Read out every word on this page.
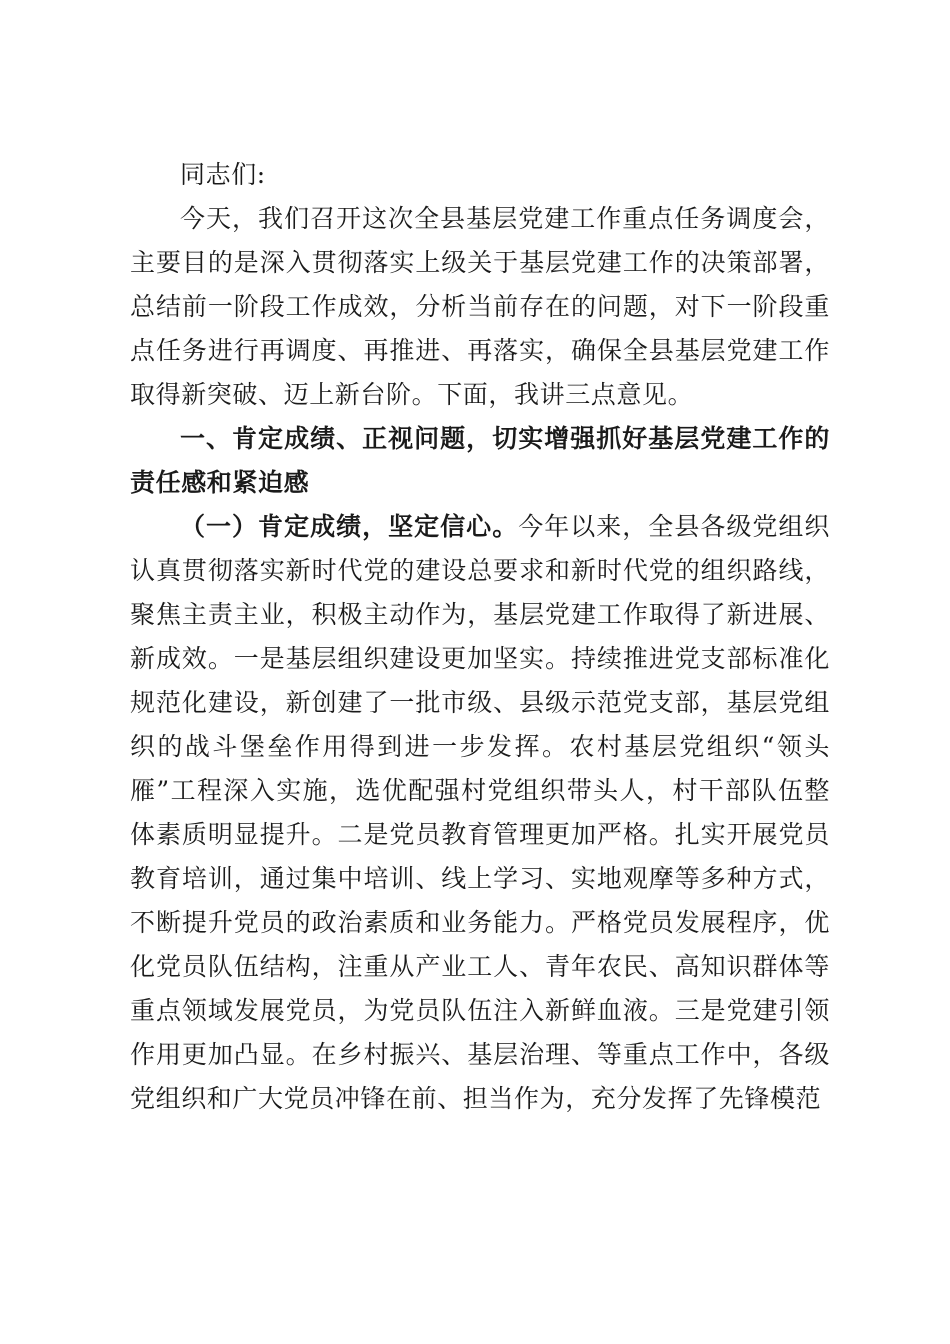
同志们:

今天，我们召开这次全县基层党建工作重点任务调度会，主要目的是深入贯彻落实上级关于基层党建工作的决策部署，总结前一阶段工作成效，分析当前存在的问题，对下一阶段重点任务进行再调度、再推进、再落实，确保全县基层党建工作取得新突破、迈上新台阶。下面，我讲三点意见。

一、肯定成绩、正视问题，切实增强抓好基层党建工作的责任感和紧迫感

（一）肯定成绩，坚定信心。今年以来，全县各级党组织认真贯彻落实新时代党的建设总要求和新时代党的组织路线，聚焦主责主业，积极主动作为，基层党建工作取得了新进展、新成效。一是基层组织建设更加坚实。持续推进党支部标准化规范化建设，新创建了一批市级、县级示范党支部，基层党组织的战斗堡垒作用得到进一步发挥。农村基层党组织“领头雁”工程深入实施，选优配强村党组织带头人，村干部队伍整体素质明显提升。二是党员教育管理更加严格。扎实开展党员教育培训，通过集中培训、线上学习、实地观摩等多种方式，不断提升党员的政治素质和业务能力。严格党员发展程序，优化党员队伍结构，注重从产业工人、青年农民、高知识群体等重点领域发展党员，为党员队伍注入新鲜血液。三是党建引领作用更加凸显。在乡村振兴、基层治理、等重点工作中，各级党组织和广大党员冲锋在前、担当作为，充分发挥了先锋模范
